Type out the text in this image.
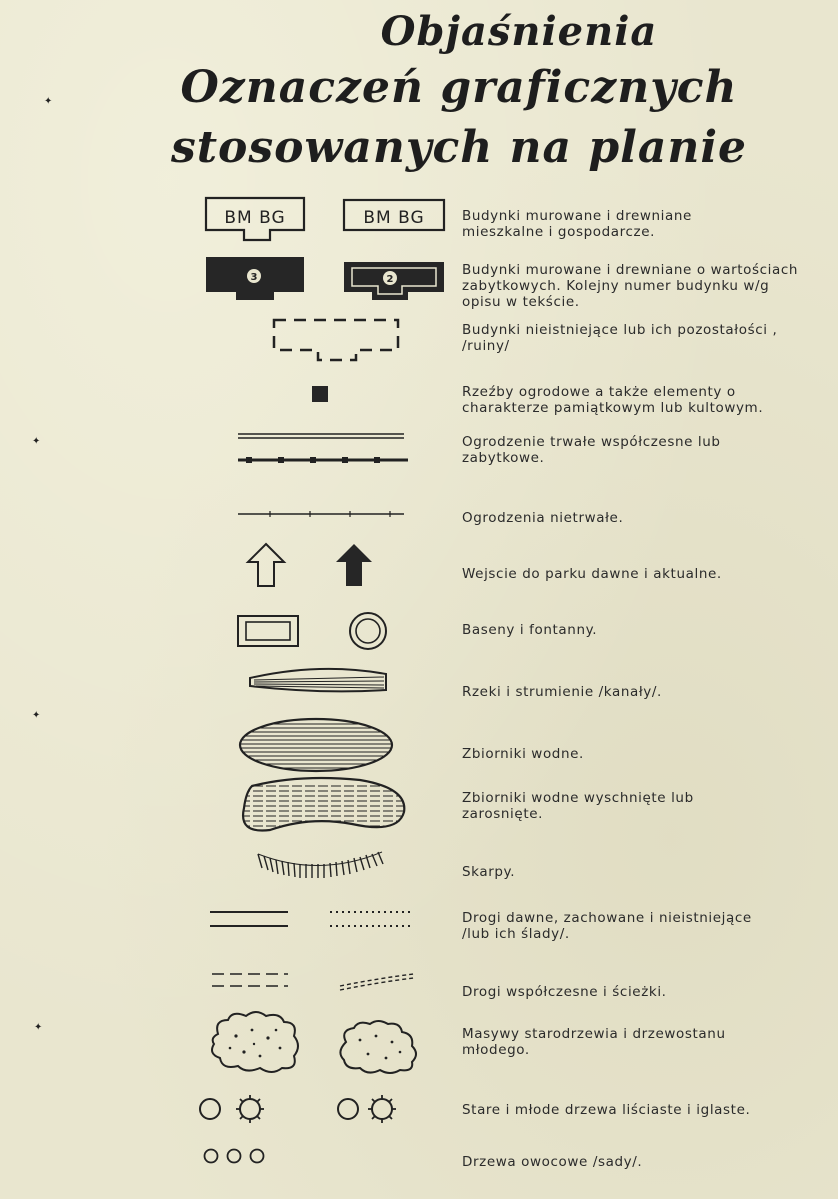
Objaśnienia
Oznaczeń graficznych
stosowanych na planie
✦
✦
✦
✦
BM BG	BM BG	Budynki murowane i drewniane
mieszkalne i gospodarcze.
3	2
Budynki murowane i drewniane o wartościach
zabytkowych. Kolejny numer budynku w/g
opisu w tekście.
Budynki nieistniejące lub ich pozostałości ,
/ruiny/
Rzeźby ogrodowe a także elementy o
charakterze pamiątkowym lub kultowym.
Ogrodzenie trwałe współczesne lub
zabytkowe.
Ogrodzenia nietrwałe.
Wejscie do parku dawne i aktualne.
Baseny i fontanny.
Rzeki i strumienie /kanały/.
Zbiorniki wodne.
Zbiorniki wodne wyschnięte lub
zarosnięte.
Skarpy.
Drogi dawne, zachowane i nieistniejące
/lub ich ślady/.
Drogi współczesne i ścieżki.
Masywy starodrzewia i drzewostanu
młodego.
Stare i młode drzewa liściaste i iglaste.
Drzewa owocowe /sady/.
